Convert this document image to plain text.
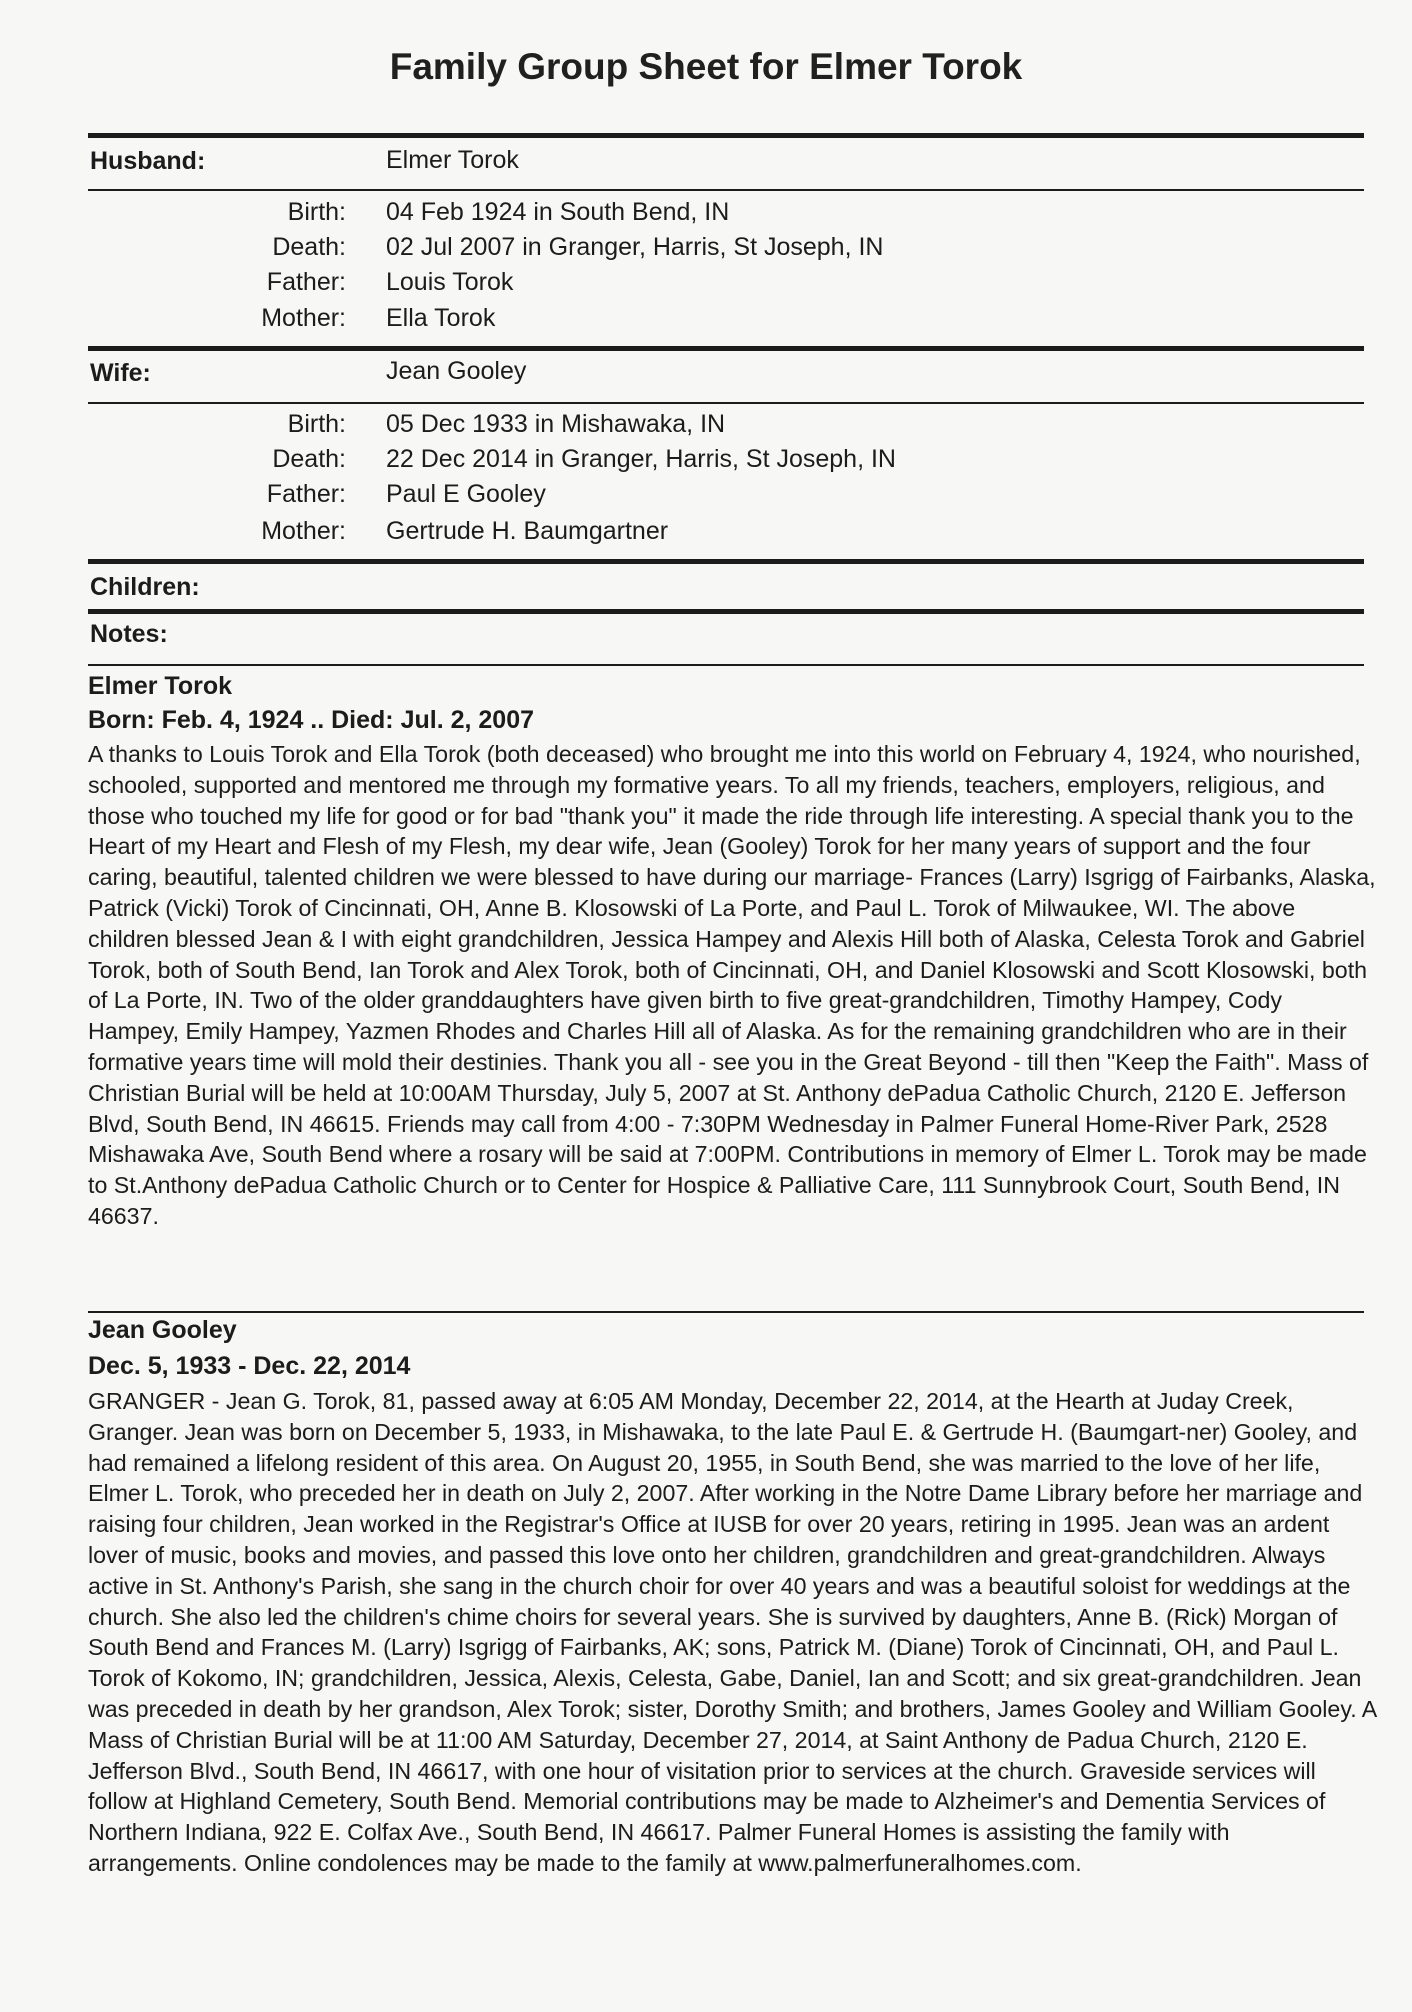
Family Group Sheet for Elmer Torok
Husband:	Elmer Torok
Birth: 04 Feb 1924 in South Bend, IN
Death: 02 Jul 2007 in Granger, Harris, St Joseph, IN
Father: Louis Torok
Mother: Ella Torok
Wife:	Jean Gooley
Birth: 05 Dec 1933 in Mishawaka, IN
Death: 22 Dec 2014 in Granger, Harris, St Joseph, IN
Father: Paul E Gooley
Mother: Gertrude H. Baumgartner
Children:
Notes:
Elmer Torok
Born: Feb. 4, 1924 .. Died: Jul. 2, 2007
A thanks to Louis Torok and Ella Torok (both deceased) who brought me into this world on February 4, 1924, who nourished, schooled, supported and mentored me through my formative years. To all my friends, teachers, employers, religious, and those who touched my life for good or for bad "thank you" it made the ride through life interesting. A special thank you to the Heart of my Heart and Flesh of my Flesh, my dear wife, Jean (Gooley) Torok for her many years of support and the four caring, beautiful, talented children we were blessed to have during our marriage- Frances (Larry) Isgrigg of Fairbanks, Alaska, Patrick (Vicki) Torok of Cincinnati, OH, Anne B. Klosowski of La Porte, and Paul L. Torok of Milwaukee, WI. The above children blessed Jean & I with eight grandchildren, Jessica Hampey and Alexis Hill both of Alaska, Celesta Torok and Gabriel Torok, both of South Bend, Ian Torok and Alex Torok, both of Cincinnati, OH, and Daniel Klosowski and Scott Klosowski, both of La Porte, IN. Two of the older granddaughters have given birth to five great-grandchildren, Timothy Hampey, Cody Hampey, Emily Hampey, Yazmen Rhodes and Charles Hill all of Alaska. As for the remaining grandchildren who are in their formative years time will mold their destinies. Thank you all - see you in the Great Beyond - till then "Keep the Faith". Mass of Christian Burial will be held at 10:00AM Thursday, July 5, 2007 at St. Anthony dePadua Catholic Church, 2120 E. Jefferson Blvd, South Bend, IN 46615. Friends may call from 4:00 - 7:30PM Wednesday in Palmer Funeral Home-River Park, 2528 Mishawaka Ave, South Bend where a rosary will be said at 7:00PM. Contributions in memory of Elmer L. Torok may be made to St.Anthony dePadua Catholic Church or to Center for Hospice & Palliative Care, 111 Sunnybrook Court, South Bend, IN 46637.
Jean Gooley
Dec. 5, 1933 - Dec. 22, 2014
GRANGER - Jean G. Torok, 81, passed away at 6:05 AM Monday, December 22, 2014, at the Hearth at Juday Creek, Granger. Jean was born on December 5, 1933, in Mishawaka, to the late Paul E. & Gertrude H. (Baumgart-ner) Gooley, and had remained a lifelong resident of this area. On August 20, 1955, in South Bend, she was married to the love of her life, Elmer L. Torok, who preceded her in death on July 2, 2007. After working in the Notre Dame Library before her marriage and raising four children, Jean worked in the Registrar's Office at IUSB for over 20 years, retiring in 1995. Jean was an ardent lover of music, books and movies, and passed this love onto her children, grandchildren and great-grandchildren. Always active in St. Anthony's Parish, she sang in the church choir for over 40 years and was a beautiful soloist for weddings at the church. She also led the children's chime choirs for several years. She is survived by daughters, Anne B. (Rick) Morgan of South Bend and Frances M. (Larry) Isgrigg of Fairbanks, AK; sons, Patrick M. (Diane) Torok of Cincinnati, OH, and Paul L. Torok of Kokomo, IN; grandchildren, Jessica, Alexis, Celesta, Gabe, Daniel, Ian and Scott; and six great-grandchildren. Jean was preceded in death by her grandson, Alex Torok; sister, Dorothy Smith; and brothers, James Gooley and William Gooley. A Mass of Christian Burial will be at 11:00 AM Saturday, December 27, 2014, at Saint Anthony de Padua Church, 2120 E. Jefferson Blvd., South Bend, IN 46617, with one hour of visitation prior to services at the church. Graveside services will follow at Highland Cemetery, South Bend. Memorial contributions may be made to Alzheimer's and Dementia Services of Northern Indiana, 922 E. Colfax Ave., South Bend, IN 46617. Palmer Funeral Homes is assisting the family with arrangements. Online condolences may be made to the family at www.palmerfuneralhomes.com.
